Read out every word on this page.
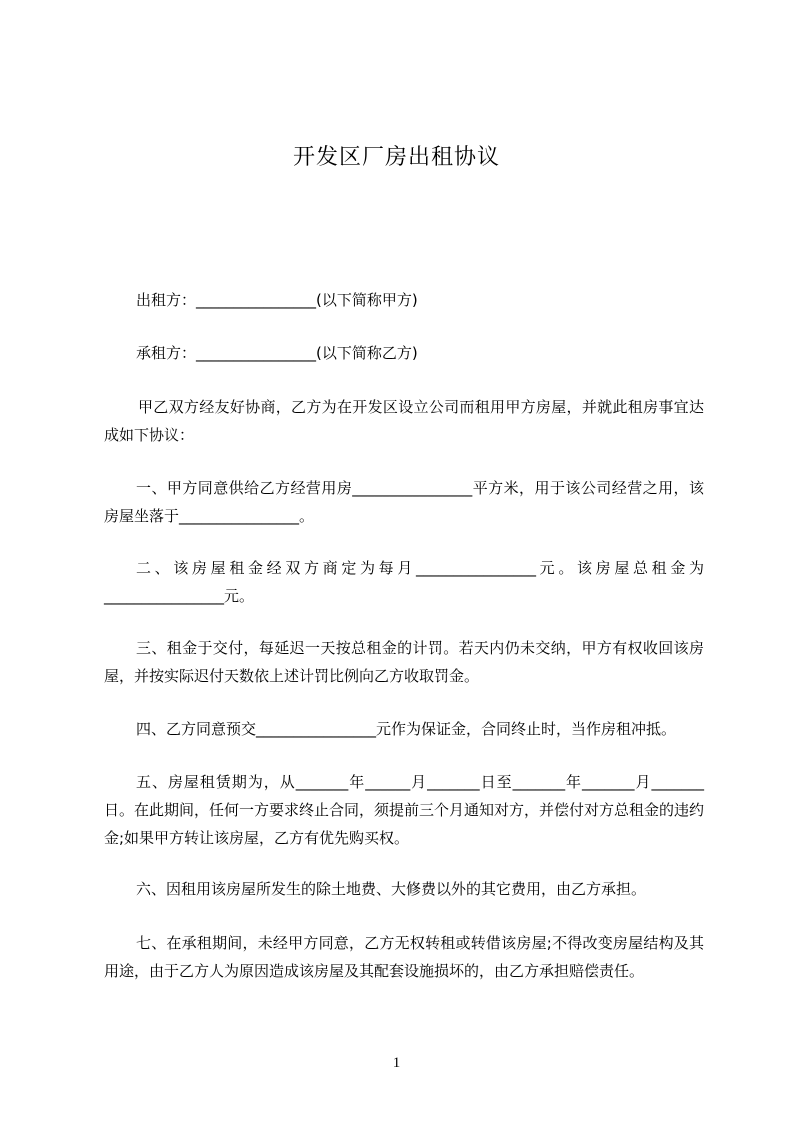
开发区厂房出租协议

出租方：________________(以下简称甲方)

承租方：________________(以下简称乙方)

甲乙双方经友好协商，乙方为在开发区设立公司而租用甲方房屋，并就此租房事宜达成如下协议：

一、甲方同意供给乙方经营用房________________平方米，用于该公司经营之用，该房屋坐落于________________。

二、该房屋租金经双方商定为每月________________元。该房屋总租金为________________元。

三、租金于交付，每延迟一天按总租金的计罚。若天内仍未交纳，甲方有权收回该房屋，并按实际迟付天数依上述计罚比例向乙方收取罚金。

四、乙方同意预交________________元作为保证金，合同终止时，当作房租冲抵。

五、房屋租赁期为，从_______年______月_______日至_______年_______月_______日。在此期间，任何一方要求终止合同，须提前三个月通知对方，并偿付对方总租金的违约金;如果甲方转让该房屋，乙方有优先购买权。

六、因租用该房屋所发生的除土地费、大修费以外的其它费用，由乙方承担。

七、在承租期间，未经甲方同意，乙方无权转租或转借该房屋;不得改变房屋结构及其用途，由于乙方人为原因造成该房屋及其配套设施损坏的，由乙方承担赔偿责任。

1
